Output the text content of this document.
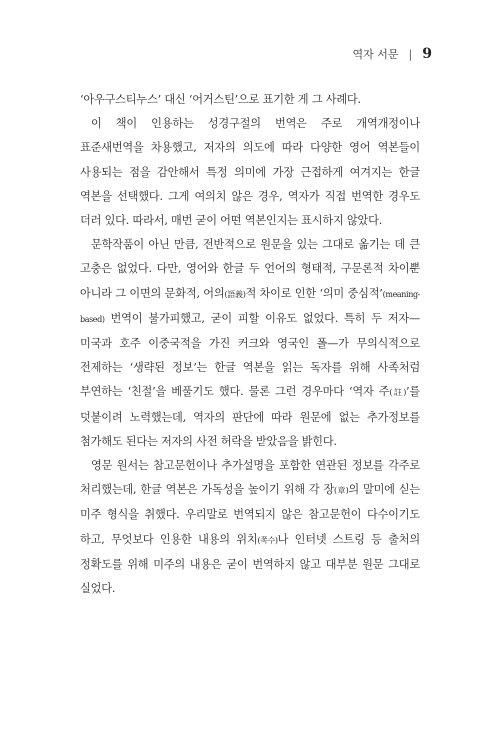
역자 서문 | 9

‘아우구스티누스’ 대신 ‘어거스틴’으로 표기한 게 그 사례다.

이 책이 인용하는 성경구절의 번역은 주로 개역개정이나 표준새번역을 차용했고, 저자의 의도에 따라 다양한 영어 역본들이 사용되는 점을 감안해서 특정 의미에 가장 근접하게 여겨지는 한글 역본을 선택했다. 그게 여의치 않은 경우, 역자가 직접 번역한 경우도 더러 있다. 따라서, 매번 굳이 어떤 역본인지는 표시하지 않았다.

문학작품이 아닌 만큼, 전반적으로 원문을 있는 그대로 옮기는 데 큰 고충은 없었다. 다만, 영어와 한글 두 언어의 형태적, 구문론적 차이뿐 아니라 그 이면의 문화적, 어의(語義)적 차이로 인한 ‘의미 중심적’(meaning-based) 번역이 불가피했고, 굳이 피할 이유도 없었다. 특히 두 저자—미국과 호주 이중국적을 가진 커크와 영국인 폴—가 무의식적으로 전제하는 ‘생략된 정보’는 한글 역본을 읽는 독자를 위해 사족처럼 부연하는 ‘친절’을 베풀기도 했다. 물론 그런 경우마다 ‘역자 주(註)’를 덧붙이려 노력했는데, 역자의 판단에 따라 원문에 없는 추가정보를 첨가해도 된다는 저자의 사전 허락을 받았음을 밝힌다.

영문 원서는 참고문헌이나 추가설명을 포함한 연관된 정보를 각주로 처리했는데, 한글 역본은 가독성을 높이기 위해 각 장(章)의 말미에 싣는 미주 형식을 취했다. 우리말로 번역되지 않은 참고문헌이 다수이기도 하고, 무엇보다 인용한 내용의 위치(쪽수)나 인터넷 스트링 등 출처의 정확도를 위해 미주의 내용은 굳이 번역하지 않고 대부분 원문 그대로 실었다.
